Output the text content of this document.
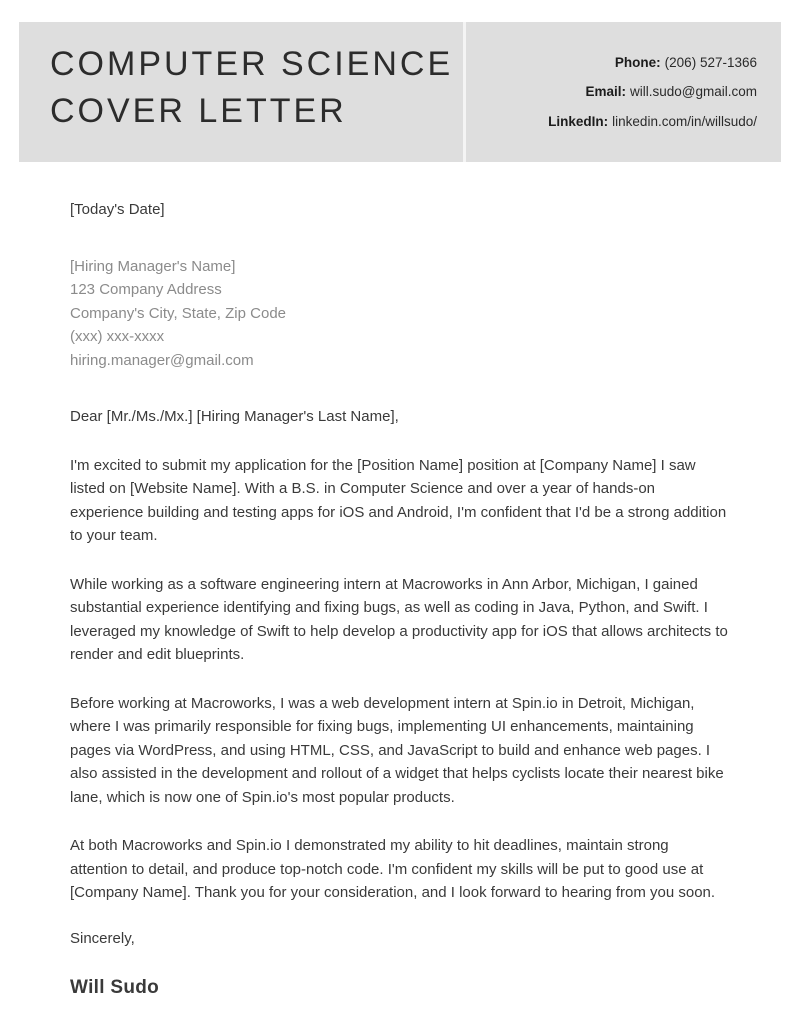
COMPUTER SCIENCE
COVER LETTER
Phone: (206) 527-1366
Email: will.sudo@gmail.com
LinkedIn: linkedin.com/in/willsudo/
[Today's Date]
[Hiring Manager's Name]
123 Company Address
Company's City, State, Zip Code
(xxx) xxx-xxxx
hiring.manager@gmail.com
Dear [Mr./Ms./Mx.] [Hiring Manager's Last Name],

I'm excited to submit my application for the [Position Name] position at [Company Name] I saw listed on [Website Name]. With a B.S. in Computer Science and over a year of hands-on experience building and testing apps for iOS and Android, I'm confident that I'd be a strong addition to your team.

While working as a software engineering intern at Macroworks in Ann Arbor, Michigan, I gained substantial experience identifying and fixing bugs, as well as coding in Java, Python, and Swift. I leveraged my knowledge of Swift to help develop a productivity app for iOS that allows architects to render and edit blueprints.

Before working at Macroworks, I was a web development intern at Spin.io in Detroit, Michigan, where I was primarily responsible for fixing bugs, implementing UI enhancements, maintaining pages via WordPress, and using HTML, CSS, and JavaScript to build and enhance web pages. I also assisted in the development and rollout of a widget that helps cyclists locate their nearest bike lane, which is now one of Spin.io's most popular products.

At both Macroworks and Spin.io I demonstrated my ability to hit deadlines, maintain strong attention to detail, and produce top-notch code. I'm confident my skills will be put to good use at [Company Name]. Thank you for your consideration, and I look forward to hearing from you soon.

Sincerely,
Will Sudo
